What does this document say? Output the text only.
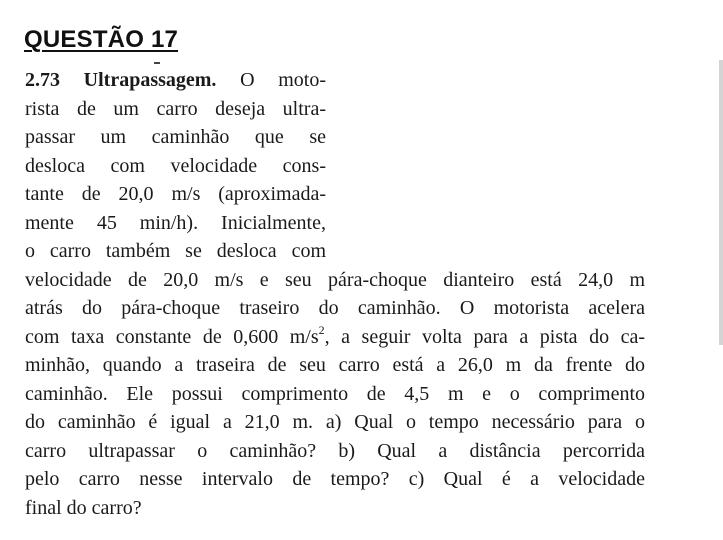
QUESTÃO 17
2.73 Ultrapassagem. O moto-
rista de um carro deseja ultra-
passar um caminhão que se
desloca com velocidade cons-
tante de 20,0 m/s (aproximada-
mente 45 min/h). Inicialmente,
o carro também se desloca com
velocidade de 20,0 m/s e seu pára-choque dianteiro está 24,0 m
atrás do pára-choque traseiro do caminhão. O motorista acelera
com taxa constante de 0,600 $m/s^2$, a seguir volta para a pista do ca-
minhão, quando a traseira de seu carro está a 26,0 m da frente do
caminhão. Ele possui comprimento de 4,5 m e o comprimento
do caminhão é igual a 21,0 m. a) Qual o tempo necessário para o
carro ultrapassar o caminhão? b) Qual a distância percorrida
pelo carro nesse intervalo de tempo? c) Qual é a velocidade
final do carro?
